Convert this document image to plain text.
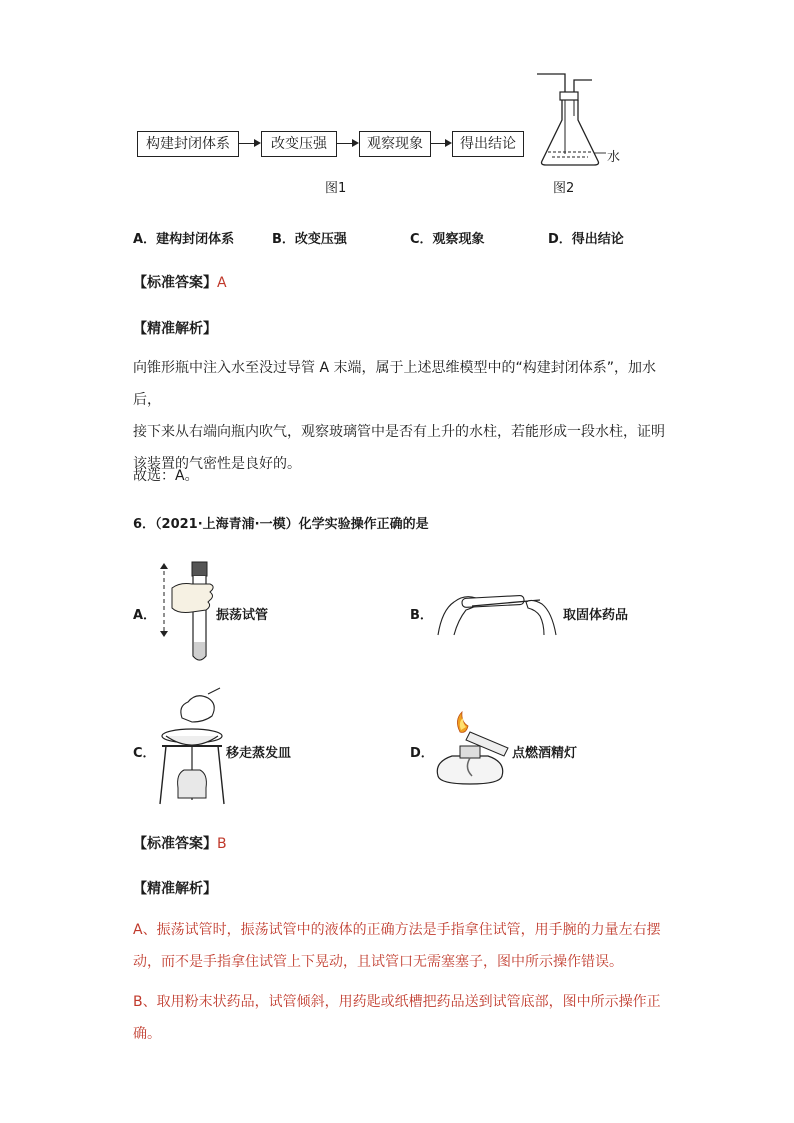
构建封闭体系	改变压强	观察现象	得出结论
图1
水
图2
A．建构封闭体系	B．改变压强	C．观察现象	D．得出结论
【标准答案】A
【精准解析】
向锥形瓶中注入水至没过导管 A 末端，属于上述思维模型中的“构建封闭体系”，加水后，
接下来从右端向瓶内吹气，观察玻璃管中是否有上升的水柱，若能形成一段水柱，证明
该装置的气密性是良好的。
故选：A。
6．（2021·上海青浦·一模）化学实验操作正确的是
A．	振荡试管	B．	取固体药品
C．	移走蒸发皿	D．	点燃酒精灯
【标准答案】B
【精准解析】
A、振荡试管时，振荡试管中的液体的正确方法是手指拿住试管，用手腕的力量左右摆
动，而不是手指拿住试管上下晃动，且试管口无需塞塞子，图中所示操作错误。
B、取用粉末状药品，试管倾斜，用药匙或纸槽把药品送到试管底部，图中所示操作正
确。
